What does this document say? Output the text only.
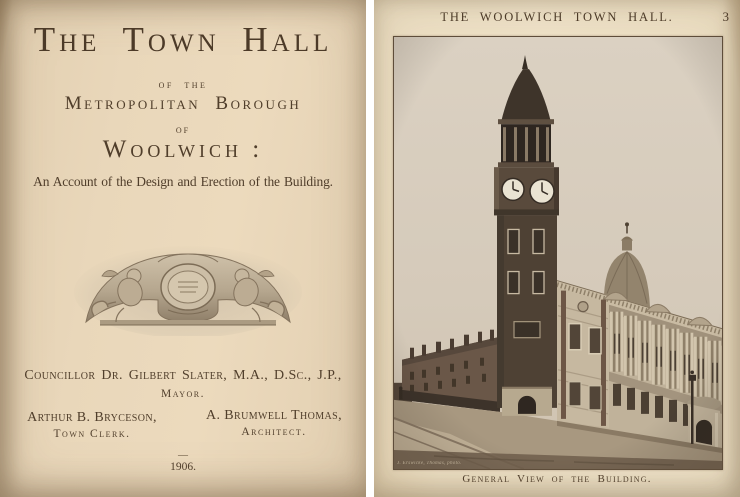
The Town Hall
of the
Metropolitan Borough
of
Woolwich :
An Account of the Design and Erection of the Building.
Councillor Dr. Gilbert Slater, M.A., D.Sc., J.P.,
Mayor.
Arthur B. Bryceson,
Town Clerk.
A. Brumwell Thomas,
Architect.
—
1906.
THE WOOLWICH TOWN HALL.	3
J. Erswicke, Thomas, photo.
General View of the Building.
